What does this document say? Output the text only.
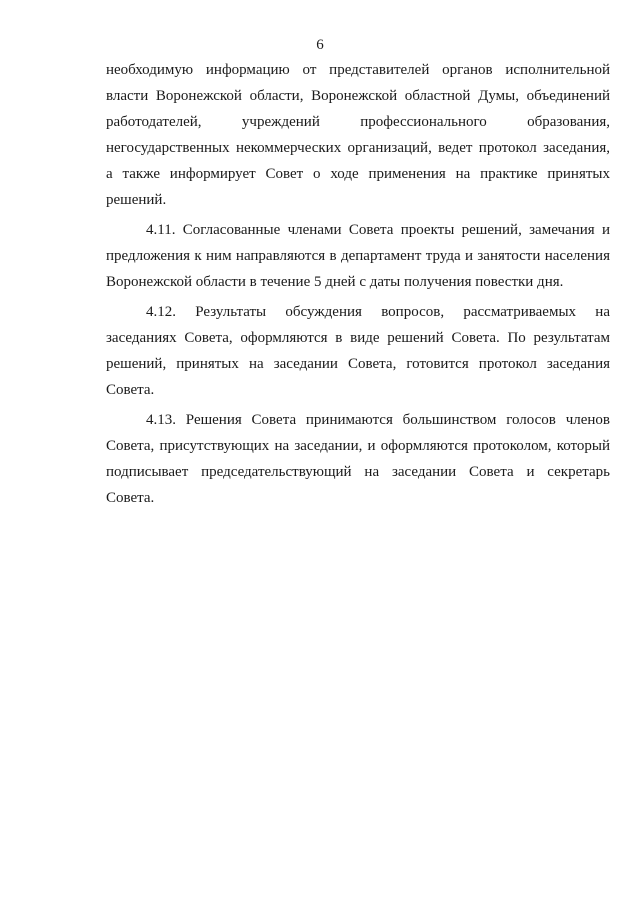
6
необходимую информацию от представителей органов исполнительной
власти Воронежской области, Воронежской областной Думы, объединений
работодателей, учреждений профессионального образования,
негосударственных некоммерческих организаций, ведет протокол заседания,
а также информирует Совет о ходе применения на практике принятых
решений.
4.11. Согласованные членами Совета проекты решений, замечания и
предложения к ним направляются в департамент труда и занятости населения
Воронежской области в течение 5 дней с даты получения повестки дня.
4.12. Результаты обсуждения вопросов, рассматриваемых на
заседаниях Совета, оформляются в виде решений Совета. По результатам
решений, принятых на заседании Совета, готовится протокол заседания
Совета.
4.13. Решения Совета принимаются большинством голосов членов
Совета, присутствующих на заседании, и оформляются протоколом, который
подписывает председательствующий на заседании Совета и секретарь
Совета.
